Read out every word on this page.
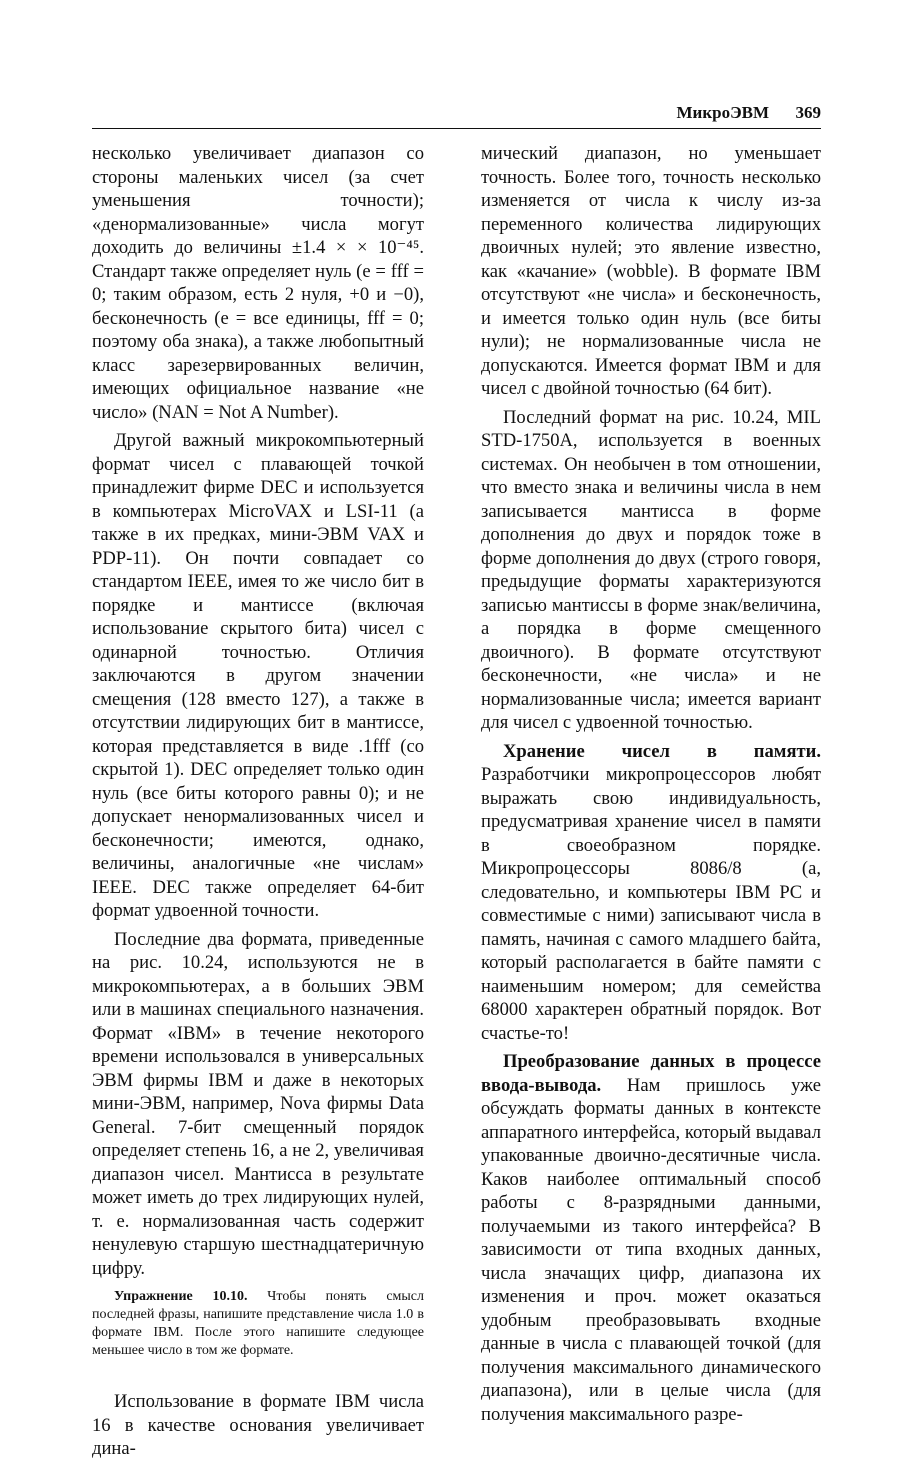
МикроЭВМ 369

несколько увеличивает диапазон со стороны маленьких чисел (за счет уменьшения точности); «денормализованные» числа могут доходить до величины ±1.4 × × 10⁻⁴⁵. Стандарт также определяет нуль (e = fff = 0; таким образом, есть 2 нуля, +0 и −0), бесконечность (e = все единицы, fff = 0; поэтому оба знака), а также любопытный класс зарезервированных величин, имеющих официальное название «не число» (NAN = Not A Number).

Другой важный микрокомпьютерный формат чисел с плавающей точкой принадлежит фирме DEC и используется в компьютерах MicroVAX и LSI-11 (а также в их предках, мини-ЭВМ VAX и PDP-11). Он почти совпадает со стандартом IEEE, имея то же число бит в порядке и мантиссе (включая использование скрытого бита) чисел с одинарной точностью. Отличия заключаются в другом значении смещения (128 вместо 127), а также в отсутствии лидирующих бит в мантиссе, которая представляется в виде .1fff (со скрытой 1). DEC определяет только один нуль (все биты которого равны 0); и не допускает ненормализованных чисел и бесконечности; имеются, однако, величины, аналогичные «не числам» IEEE. DEC также определяет 64-бит формат удвоенной точности.

Последние два формата, приведенные на рис. 10.24, используются не в микрокомпьютерах, а в больших ЭВМ или в машинах специального назначения. Формат «IBM» в течение некоторого времени использовался в универсальных ЭВМ фирмы IBM и даже в некоторых мини-ЭВМ, например, Nova фирмы Data General. 7-бит смещенный порядок определяет степень 16, а не 2, увеличивая диапазон чисел. Мантисса в результате может иметь до трех лидирующих нулей, т. е. нормализованная часть содержит ненулевую старшую шестнадцатеричную цифру.

Упражнение 10.10. Чтобы понять смысл последней фразы, напишите представление числа 1.0 в формате IBM. После этого напишите следующее меньшее число в том же формате.

Использование в формате IBM числа 16 в качестве основания увеличивает дина-

мический диапазон, но уменьшает точность. Более того, точность несколько изменяется от числа к числу из-за переменного количества лидирующих двоичных нулей; это явление известно, как «качание» (wobble). В формате IBM отсутствуют «не числа» и бесконечность, и имеется только один нуль (все биты нули); не нормализованные числа не допускаются. Имеется формат IBM и для чисел с двойной точностью (64 бит).

Последний формат на рис. 10.24, MIL STD-1750A, используется в военных системах. Он необычен в том отношении, что вместо знака и величины числа в нем записывается мантисса в форме дополнения до двух и порядок тоже в форме дополнения до двух (строго говоря, предыдущие форматы характеризуются записью мантиссы в форме знак/величина, а порядка в форме смещенного двоичного). В формате отсутствуют бесконечности, «не числа» и не нормализованные числа; имеется вариант для чисел с удвоенной точностью.

Хранение чисел в памяти. Разработчики микропроцессоров любят выражать свою индивидуальность, предусматривая хранение чисел в памяти в своеобразном порядке. Микропроцессоры 8086/8 (а, следовательно, и компьютеры IBM PC и совместимые с ними) записывают числа в память, начиная с самого младшего байта, который располагается в байте памяти с наименьшим номером; для семейства 68000 характерен обратный порядок. Вот счастье-то!

Преобразование данных в процессе ввода-вывода. Нам пришлось уже обсуждать форматы данных в контексте аппаратного интерфейса, который выдавал упакованные двоично-десятичные числа. Каков наиболее оптимальный способ работы с 8-разрядными данными, получаемыми из такого интерфейса? В зависимости от типа входных данных, числа значащих цифр, диапазона их изменения и проч. может оказаться удобным преобразовывать входные данные в числа с плавающей точкой (для получения максимального динамического диапазона), или в целые числа (для получения максимального разре-
